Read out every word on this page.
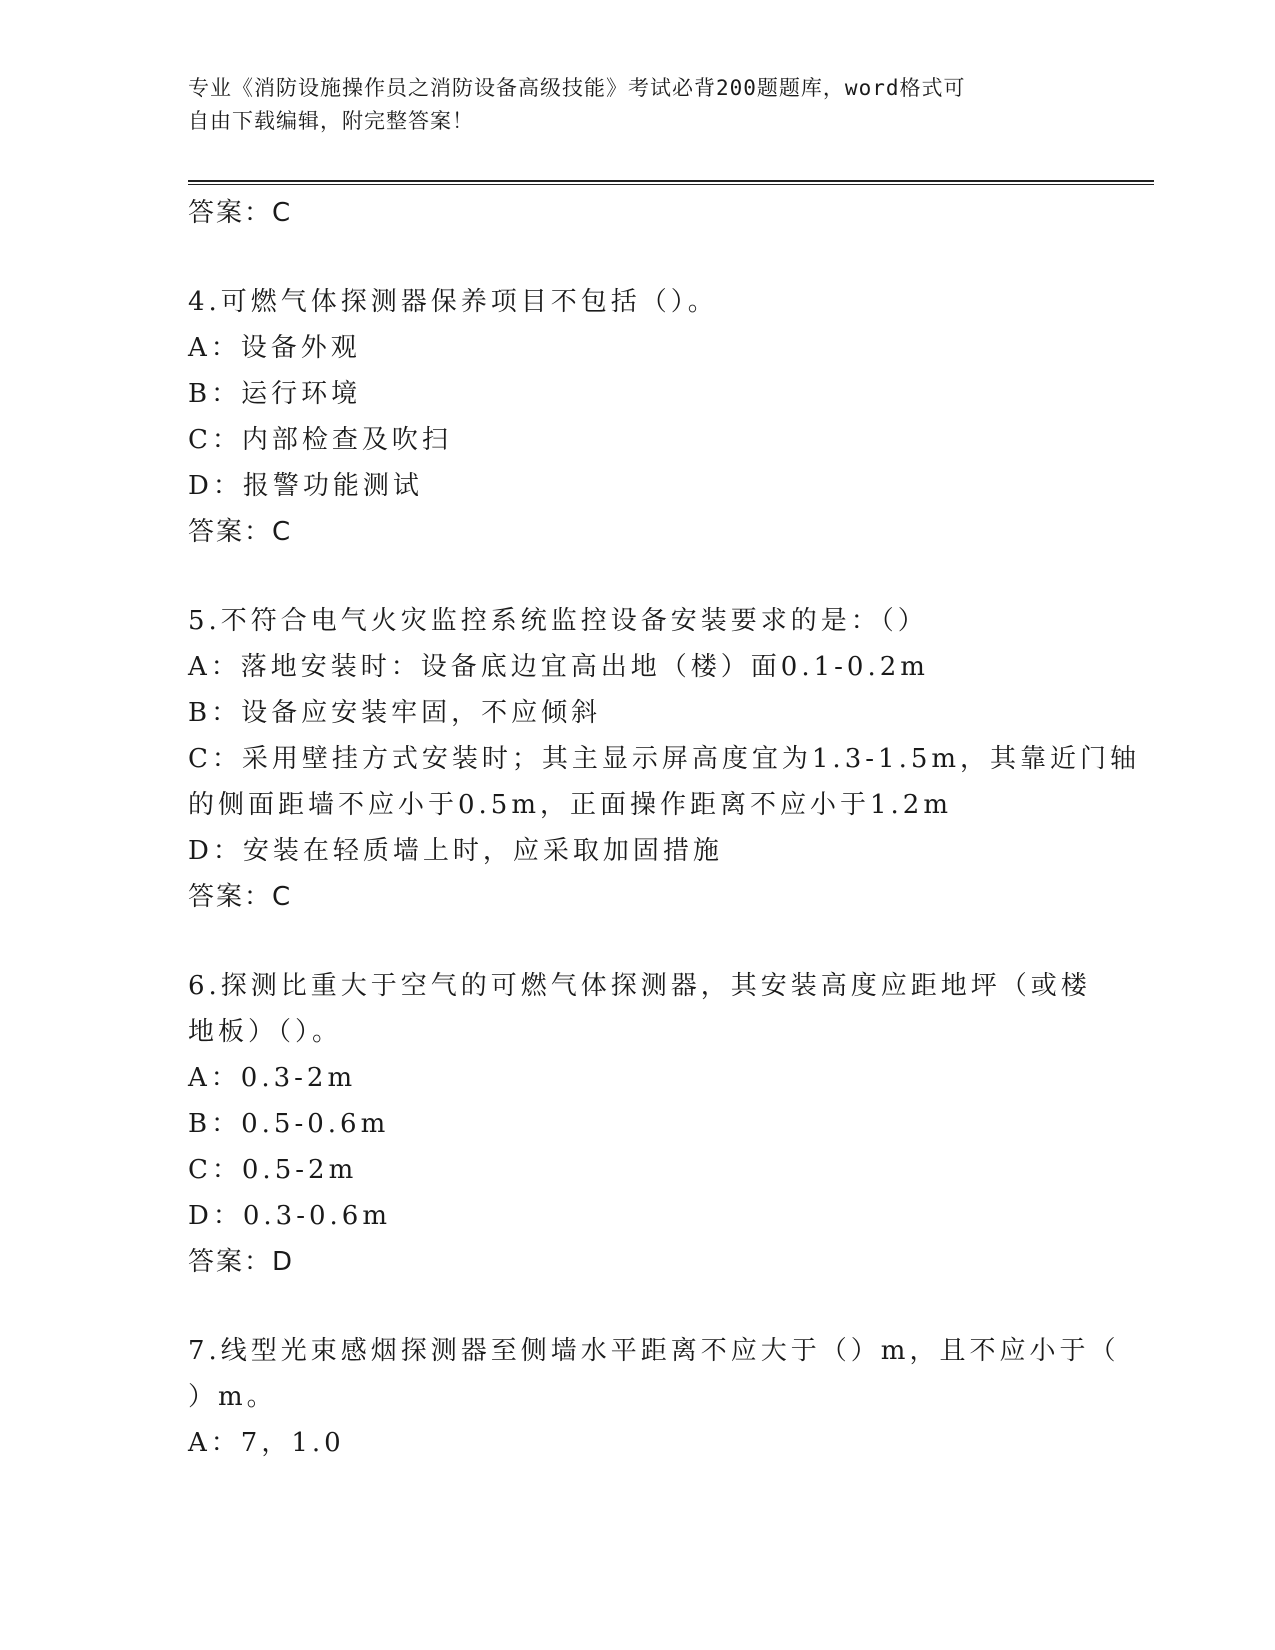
专业《消防设施操作员之消防设备高级技能》考试必背200题题库，word格式可
自由下载编辑，附完整答案！
答案：C
4.可燃气体探测器保养项目不包括（）。
A：设备外观
B：运行环境
C：内部检查及吹扫
D：报警功能测试
答案：C
5.不符合电气火灾监控系统监控设备安装要求的是：（）
A：落地安装时：设备底边宜高出地（楼）面0.1-0.2m
B：设备应安装牢固，不应倾斜
C：采用壁挂方式安装时；其主显示屏高度宜为1.3-1.5m，其靠近门轴
的侧面距墙不应小于0.5m，正面操作距离不应小于1.2m
D：安装在轻质墙上时，应采取加固措施
答案：C
6.探测比重大于空气的可燃气体探测器，其安装高度应距地坪（或楼
地板）（）。
A：0.3-2m
B：0.5-0.6m
C：0.5-2m
D：0.3-0.6m
答案：D
7.线型光束感烟探测器至侧墙水平距离不应大于（）m，且不应小于（
）m。
A：7，1.0
